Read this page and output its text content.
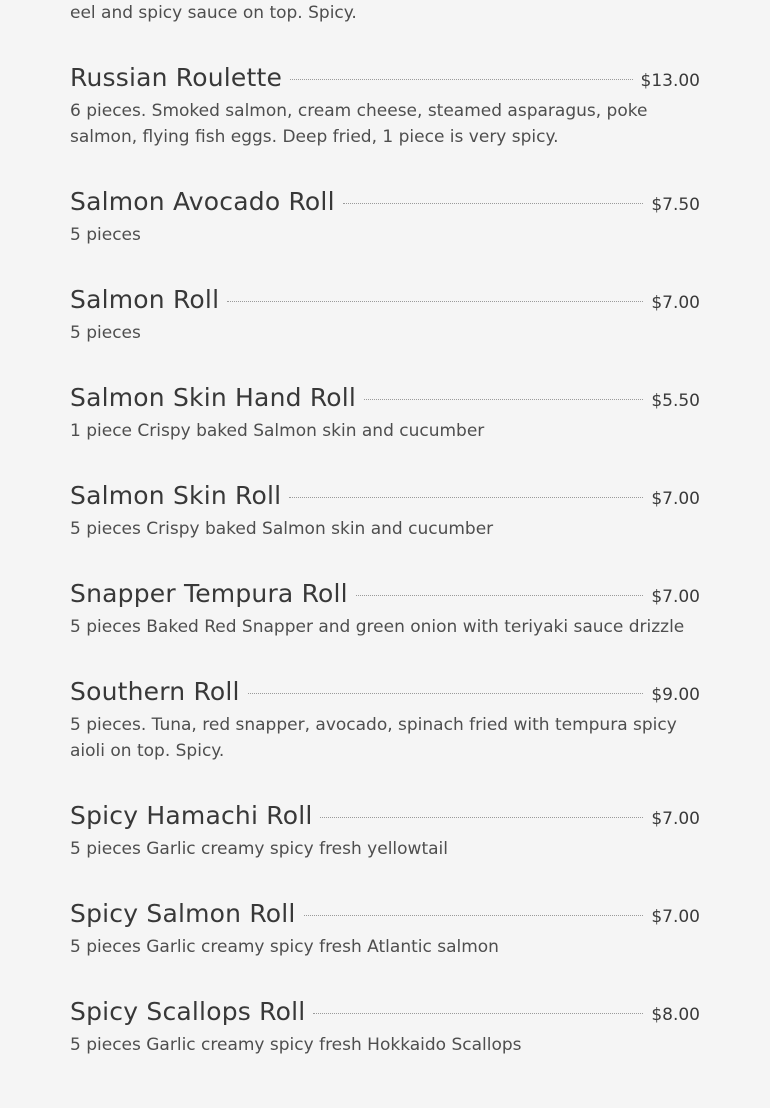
eel and spicy sauce on top. Spicy.
Russian Roulette	$13.00
6 pieces. Smoked salmon, cream cheese, steamed asparagus, poke salmon, flying fish eggs. Deep fried, 1 piece is very spicy.
Salmon Avocado Roll	$7.50
5 pieces
Salmon Roll	$7.00
5 pieces
Salmon Skin Hand Roll	$5.50
1 piece Crispy baked Salmon skin and cucumber
Salmon Skin Roll	$7.00
5 pieces Crispy baked Salmon skin and cucumber
Snapper Tempura Roll	$7.00
5 pieces Baked Red Snapper and green onion with teriyaki sauce drizzle
Southern Roll	$9.00
5 pieces. Tuna, red snapper, avocado, spinach fried with tempura spicy aioli on top. Spicy.
Spicy Hamachi Roll	$7.00
5 pieces Garlic creamy spicy fresh yellowtail
Spicy Salmon Roll	$7.00
5 pieces Garlic creamy spicy fresh Atlantic salmon
Spicy Scallops Roll	$8.00
5 pieces Garlic creamy spicy fresh Hokkaido Scallops
